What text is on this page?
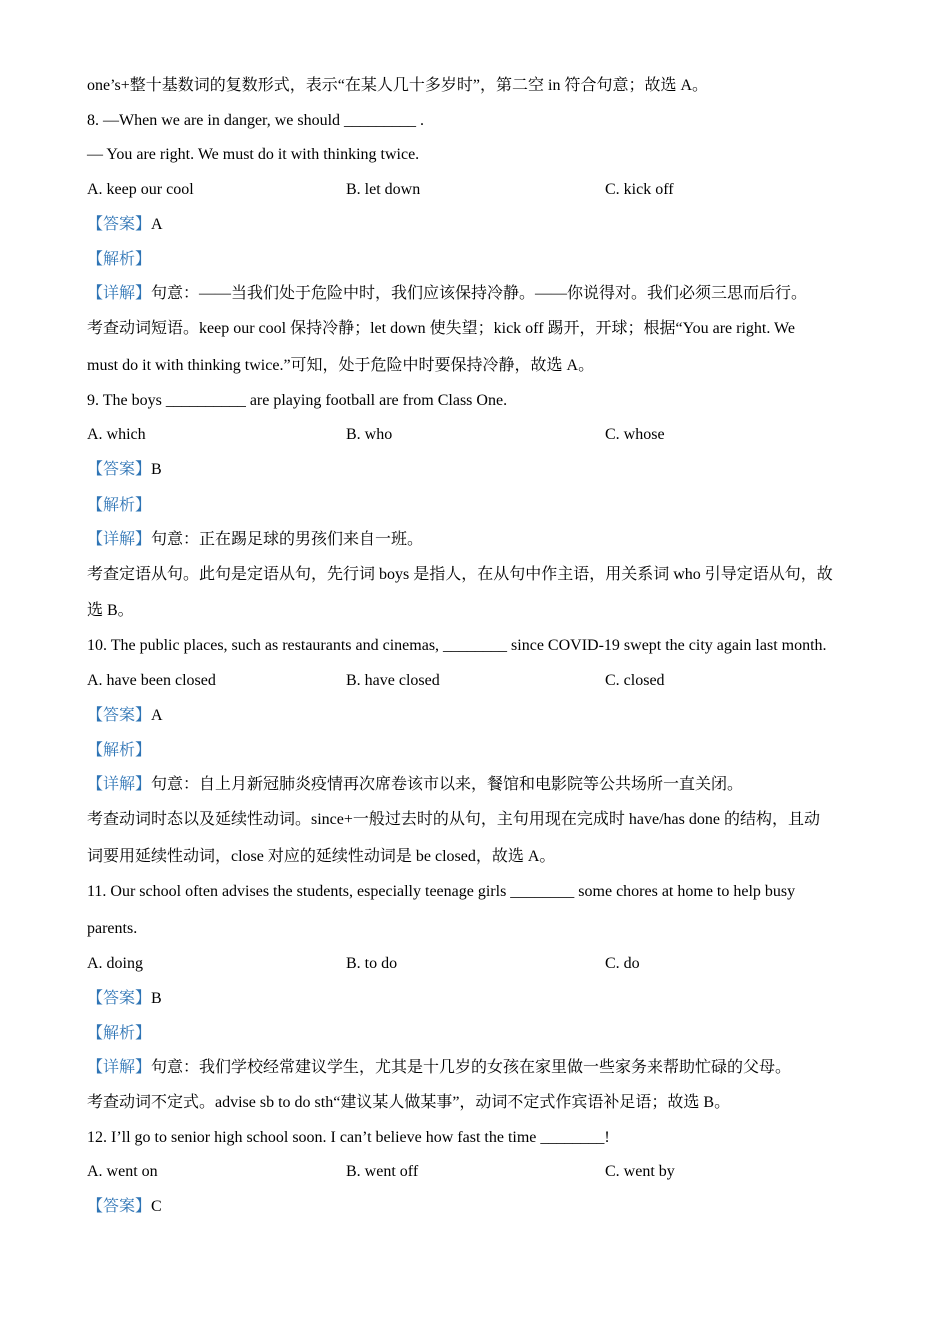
one’s+整十基数词的复数形式，表示“在某人几十多岁时”，第二空 in 符合句意；故选 A。
8. —When we are in danger, we should _________ .
— You are right. We must do it with thinking twice.
A. keep our cool	B. let down	C. kick off
【答案】A
【解析】
【详解】句意：——当我们处于危险中时，我们应该保持冷静。——你说得对。我们必须三思而后行。
考查动词短语。keep our cool 保持冷静；let down 使失望；kick off 踢开，开球；根据“You are right. We
must do it with thinking twice.”可知，处于危险中时要保持冷静，故选 A。
9. The boys __________ are playing football are from Class One.
A. which	B. who	C. whose
【答案】B
【解析】
【详解】句意：正在踢足球的男孩们来自一班。
考查定语从句。此句是定语从句，先行词 boys 是指人，在从句中作主语，用关系词 who 引导定语从句，故
选 B。
10. The public places, such as restaurants and cinemas, ________ since COVID-19 swept the city again last month.
A. have been closed	B. have closed	C. closed
【答案】A
【解析】
【详解】句意：自上月新冠肺炎疫情再次席卷该市以来，餐馆和电影院等公共场所一直关闭。
考查动词时态以及延续性动词。since+一般过去时的从句，主句用现在完成时 have/has done 的结构，且动
词要用延续性动词，close 对应的延续性动词是 be closed，故选 A。
11. Our school often advises the students, especially teenage girls ________ some chores at home to help busy
parents.
A. doing	B. to do	C. do
【答案】B
【解析】
【详解】句意：我们学校经常建议学生，尤其是十几岁的女孩在家里做一些家务来帮助忙碌的父母。
考查动词不定式。advise sb to do sth“建议某人做某事”，动词不定式作宾语补足语；故选 B。
12. I’ll go to senior high school soon. I can’t believe how fast the time ________!
A. went on	B. went off	C. went by
【答案】C
